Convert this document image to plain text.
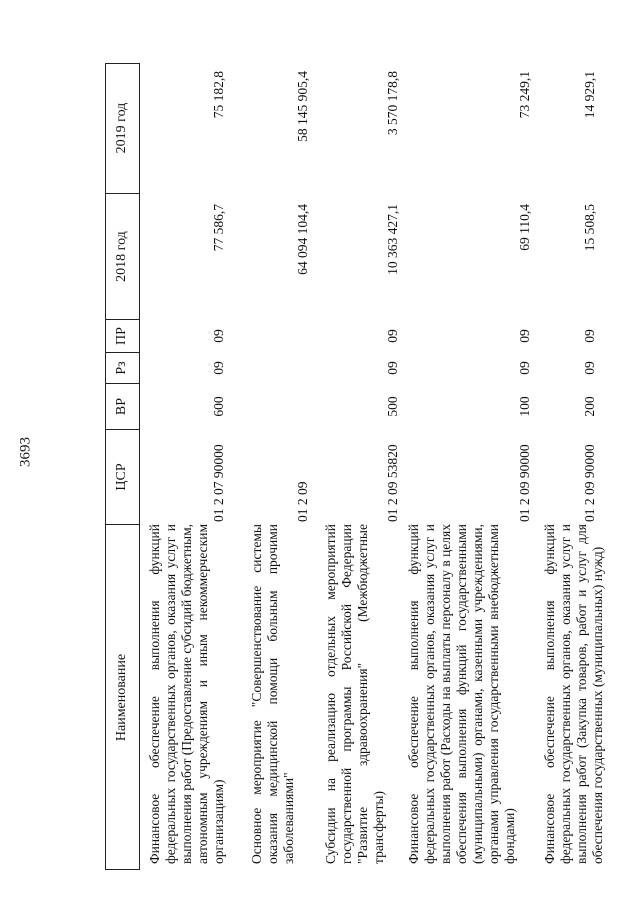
3693
Наименование
ЦСР
ВР
Рз
ПР
2018 год
2019 год
Финансовое обеспечение выполнения функций федеральных государственных органов, оказания услуг и выполнения работ (Предоставление субсидий бюджетным, автономным учреждениям и иным некоммерческим организациям)
01 2 07 90000
600
09
09
77 586,7
75 182,8
Основное мероприятие "Совершенствование системы оказания медицинской помощи больным прочими заболеваниями"
01 2 09
64 094 104,4
58 145 905,4
Субсидии на реализацию отдельных мероприятий государственной программы Российской Федерации "Развитие здравоохранения" (Межбюджетные трансферты)
01 2 09 53820
500
09
09
10 363 427,1
3 570 178,8
Финансовое обеспечение выполнения функций федеральных государственных органов, оказания услуг и выполнения работ (Расходы на выплаты персоналу в целях обеспечения выполнения функций государственными (муниципальными) органами, казенными учреждениями, органами управления государственными внебюджетными фондами)
01 2 09 90000
100
09
09
69 110,4
73 249,1
Финансовое обеспечение выполнения функций федеральных государственных органов, оказания услуг и выполнения работ (Закупка товаров, работ и услуг для обеспечения государственных (муниципальных) нужд)
01 2 09 90000
200
09
09
15 508,5
14 929,1
